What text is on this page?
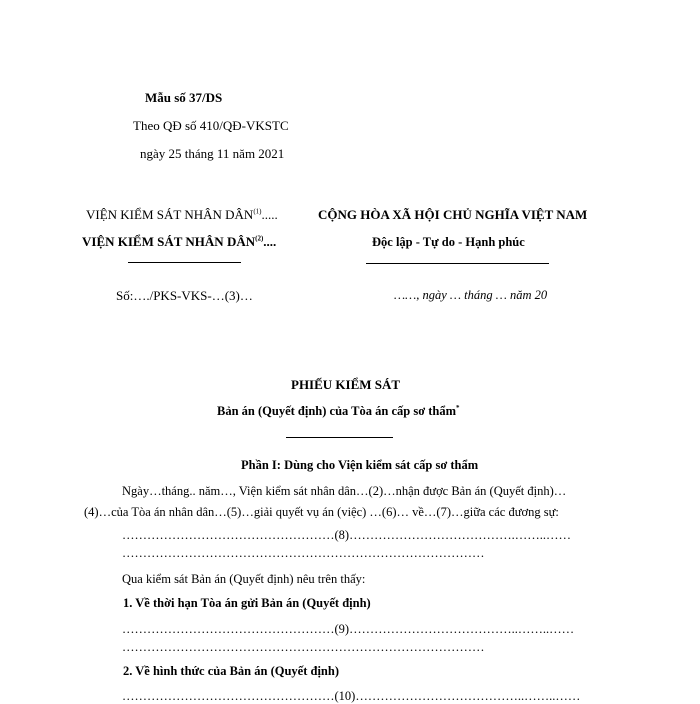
Mẫu số 37/DS
Theo QĐ số 410/QĐ-VKSTC
ngày 25 tháng 11 năm 2021
VIỆN KIỂM SÁT NHÂN DÂN$^{(1)}$.....
VIỆN KIỂM SÁT NHÂN DÂN$^{(2)}$....
Số:…./PKS-VKS-…(3)…
CỘNG HÒA XÃ HỘI CHỦ NGHĨA VIỆT NAM
Độc lập - Tự do - Hạnh phúc
……, ngày … tháng … năm 20
PHIẾU KIỂM SÁT
Bản án (Quyết định) của Tòa án cấp sơ thẩm*
Phần I: Dùng cho Viện kiểm sát cấp sơ thẩm
Ngày…tháng.. năm…, Viện kiểm sát nhân dân…(2)…nhận được Bản án (Quyết định)…
(4)…của Tòa án nhân dân…(5)…giải quyết vụ án (việc) …(6)… về…(7)…giữa các đương sự:
……………………………………………(8)………………………………….……..……
……………………………………………………………………………
Qua kiểm sát Bản án (Quyết định) nêu trên thấy:
1. Về thời hạn Tòa án gửi Bản án (Quyết định)
……………………………………………(9)…………………………………..……..……
……………………………………………………………………………
2. Về hình thức của Bản án (Quyết định)
……………………………………………(10)…………………………………..……..……
